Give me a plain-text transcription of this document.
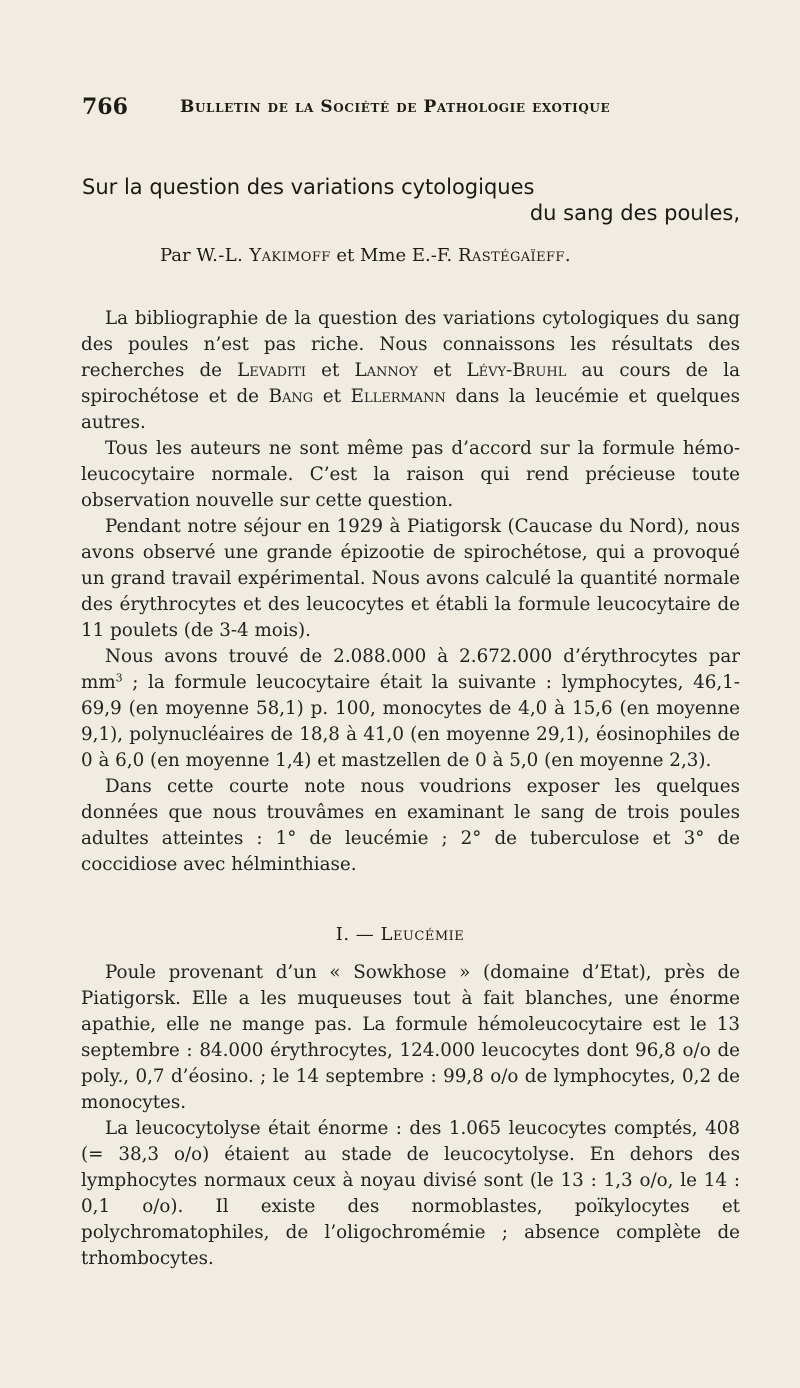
766	Bulletin de la Société de Pathologie exotique
Sur la question des variations cytologiques
du sang des poules,
Par W.-L. Yakimoff et Mme E.-F. Rastégaïeff.

La bibliographie de la question des variations cytologiques du sang des poules n’est pas riche. Nous connaissons les résultats des recherches de Levaditi et Lannoy et Lévy-Bruhl au cours de la spirochétose et de Bang et Ellermann dans la leucémie et quelques autres.

Tous les auteurs ne sont même pas d’accord sur la formule hémo-leucocytaire normale. C’est la raison qui rend précieuse toute observation nouvelle sur cette question.

Pendant notre séjour en 1929 à Piatigorsk (Caucase du Nord), nous avons observé une grande épizootie de spirochétose, qui a provoqué un grand travail expérimental. Nous avons calculé la quantité normale des érythrocytes et des leucocytes et établi la formule leucocytaire de 11 poulets (de 3-4 mois).

Nous avons trouvé de 2.088.000 à 2.672.000 d’érythrocytes par $mm^3$ ; la formule leucocytaire était la suivante : lymphocytes, 46,1-69,9 (en moyenne 58,1) p. 100, monocytes de 4,0 à 15,6 (en moyenne 9,1), polynucléaires de 18,8 à 41,0 (en moyenne 29,1), éosinophiles de 0 à 6,0 (en moyenne 1,4) et mastzellen de 0 à 5,0 (en moyenne 2,3).

Dans cette courte note nous voudrions exposer les quelques données que nous trouvâmes en examinant le sang de trois poules adultes atteintes : 1° de leucémie ; 2° de tuberculose et 3° de coccidiose avec hélminthiase.

I. — Leucémie

Poule provenant d’un « Sowkhose » (domaine d’Etat), près de Piatigorsk. Elle a les muqueuses tout à fait blanches, une énorme apathie, elle ne mange pas. La formule hémoleucocytaire est le 13 septembre : 84.000 érythrocytes, 124.000 leucocytes dont 96,8 o/o de poly., 0,7 d’éosino. ; le 14 septembre : 99,8 o/o de lymphocytes, 0,2 de monocytes.

La leucocytolyse était énorme : des 1.065 leucocytes comptés, 408 (= 38,3 o/o) étaient au stade de leucocytolyse. En dehors des lymphocytes normaux ceux à noyau divisé sont (le 13 : 1,3 o/o, le 14 : 0,1 o/o). Il existe des normoblastes, poïkylocytes et polychromatophiles, de l’oligochromémie ; absence complète de trhombocytes.
